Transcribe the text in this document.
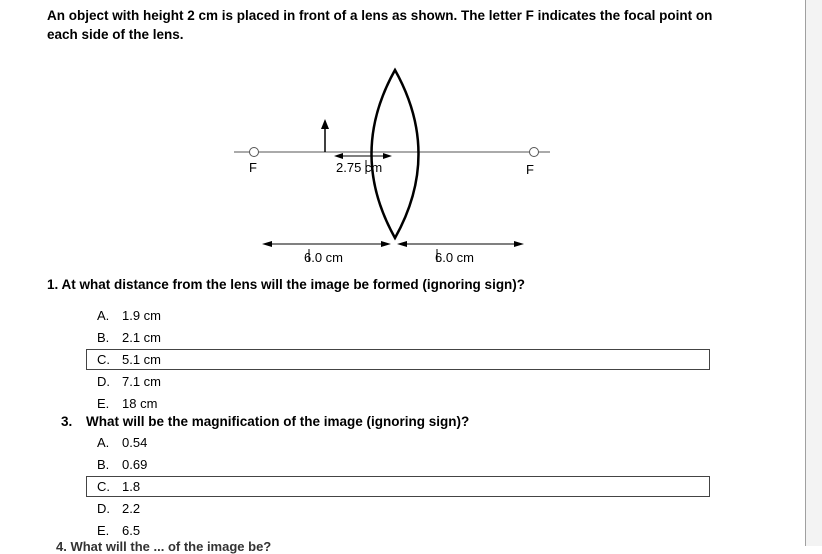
An object with height 2 cm is placed in front of a lens as shown. The letter F indicates the focal point on each side of the lens.
F	F
2.75 cm
6.0 cm	6.0 cm
1. At what distance from the lens will the image be formed (ignoring sign)?
A. 1.9 cm
B. 2.1 cm
C. 5.1 cm
D. 7.1 cm
E. 18 cm
3. What will be the magnification of the image (ignoring sign)?
A. 0.54
B. 0.69
C. 1.8
D. 2.2
E. 6.5
4. What will the ... of the image be?
